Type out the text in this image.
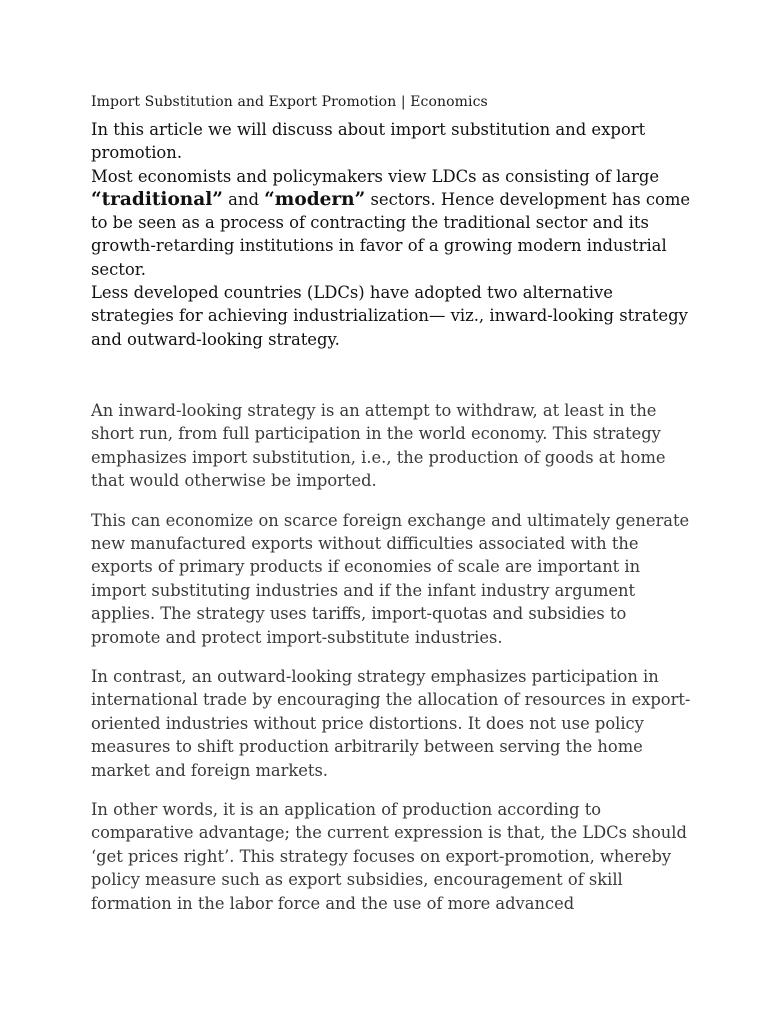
Import Substitution and Export Promotion | Economics

In this article we will discuss about import substitution and export promotion.

Most economists and policymakers view LDCs as consisting of large “traditional” and “modern” sectors. Hence development has come to be seen as a process of contracting the traditional sector and its growth-retarding institutions in favor of a growing modern industrial sector.

Less developed countries (LDCs) have adopted two alternative strategies for achieving industrialization— viz., inward-looking strategy and outward-looking strategy.

An inward-looking strategy is an attempt to withdraw, at least in the short run, from full participation in the world economy. This strategy emphasizes import substitution, i.e., the production of goods at home that would otherwise be imported.

This can economize on scarce foreign exchange and ultimately generate new manufactured exports without difficulties associated with the exports of primary products if economies of scale are important in import substituting industries and if the infant industry argument applies. The strategy uses tariffs, import-quotas and subsidies to promote and protect import-substitute industries.

In contrast, an outward-looking strategy emphasizes participation in international trade by encouraging the allocation of resources in export-oriented industries without price distortions. It does not use policy measures to shift production arbitrarily between serving the home market and foreign markets.

In other words, it is an application of production according to comparative advantage; the current expression is that, the LDCs should ‘get prices right’. This strategy focuses on export-promotion, whereby policy measure such as export subsidies, encouragement of skill formation in the labor force and the use of more advanced
